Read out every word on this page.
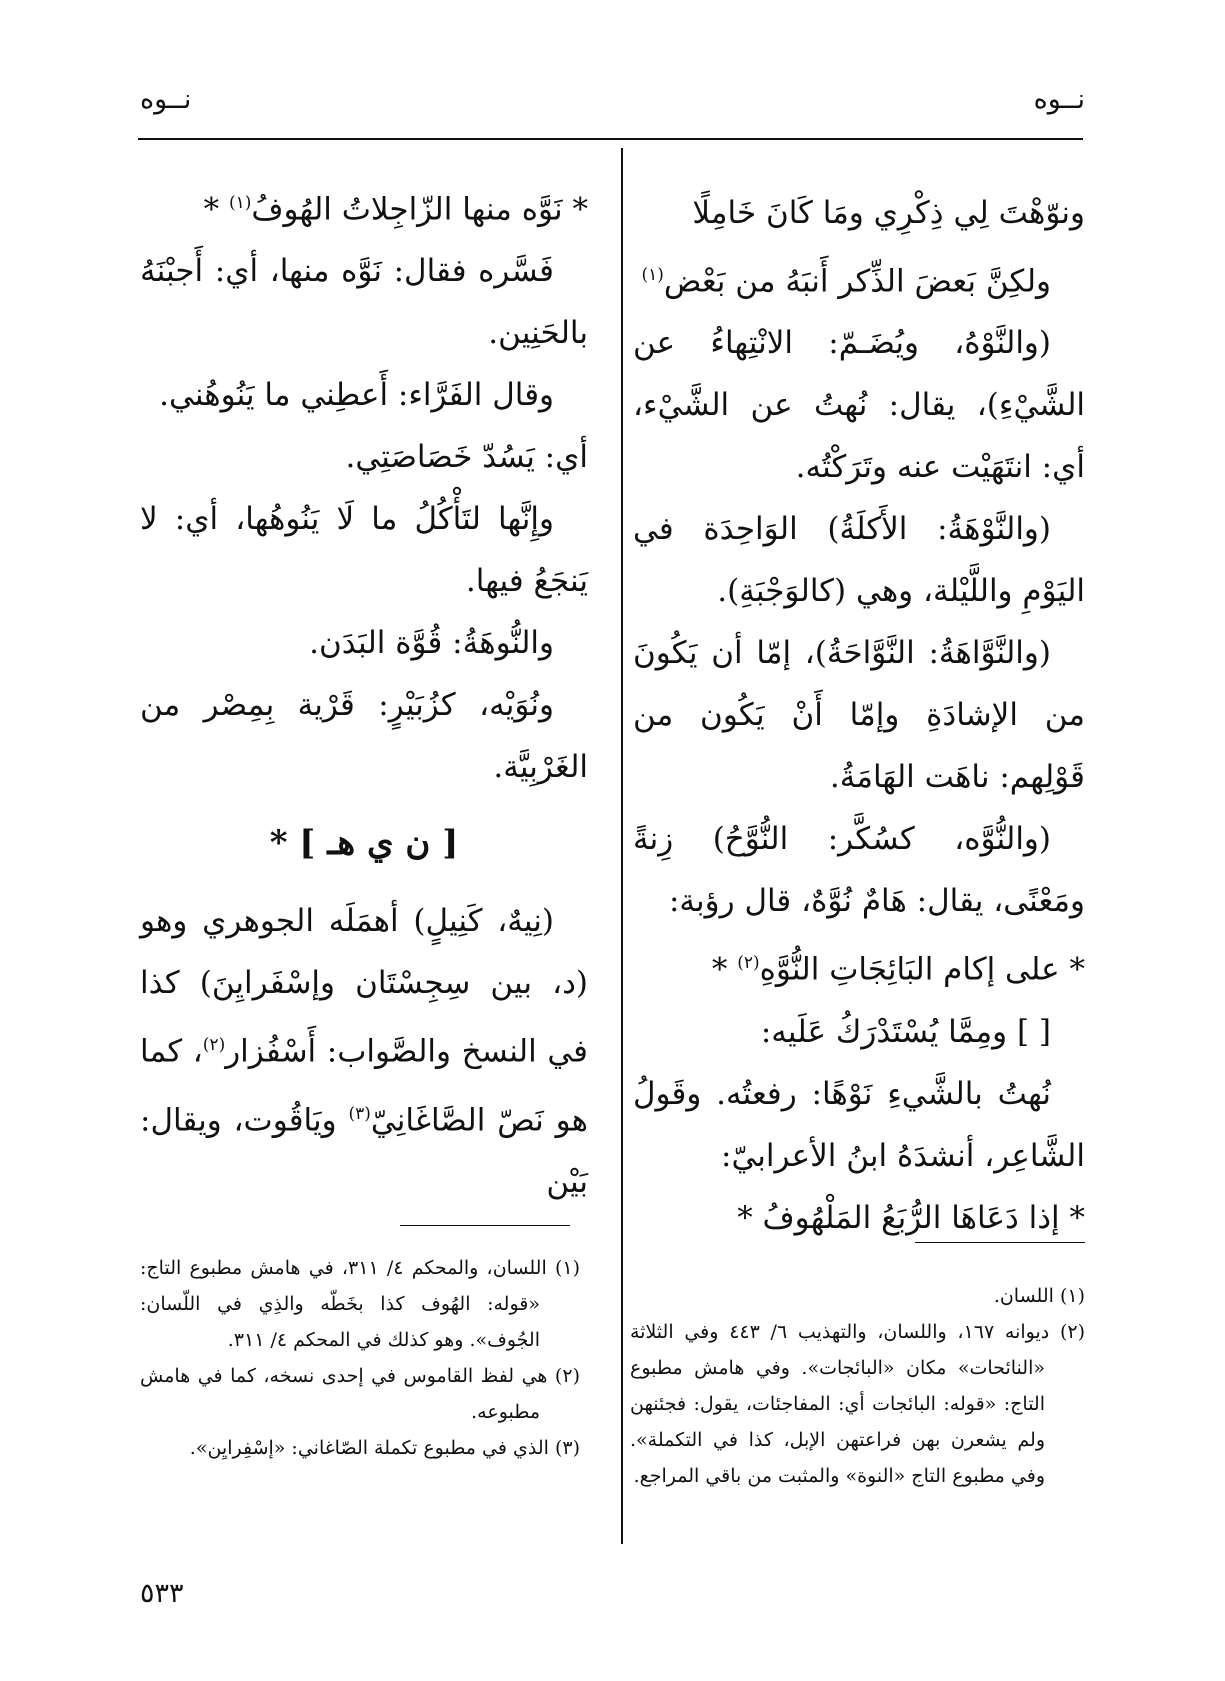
نــوه
نــوه

ونوّهْتَ لِي ذِكْرِي ومَا كَانَ خَامِلًا

ولكِنَّ بَعضَ الذِّكر أَنبَهُ من بَعْض$^{(١)}$

(والنَّوْهُ، ويُضَـمّ: الانْتِهاءُ عن الشَّيْءِ)، يقال: نُهتُ عن الشَّيْء، أي: انتَهَيْت عنه وتَرَكْتُه.

(والنَّوْهَةُ: الأَكلَةُ) الوَاحِدَة في اليَوْمِ واللَّيْلة، وهي (كالوَجْبَةِ).

(والنَّوَّاهَةُ: النَّوَّاحَةُ)، إمّا أن يَكُونَ من الإشادَةِ وإمّا أَنْ يَكُون من قَوْلِهم: ناهَت الهَامَةُ.

(والنُّوَّه، كسُكَّر: النُّوَّحُ) زِنةً ومَعْنًى، يقال: هَامٌ نُوَّهٌ، قال رؤبة:

* على إكام البَائِجَاتِ النُّوَّهِ$^{(٢)}$ *

[ ] ومِمَّا يُسْتَدْرَكُ عَلَيه:

نُهتُ بالشَّيءِ نَوْهًا: رفعتُه. وقَولُ الشَّاعِر، أنشدَهُ ابنُ الأعرابيّ:

* إذا دَعَاهَا الرُّبَعُ المَلْهُوفُ *

* نَوَّه منها الزّاجِلاتُ الهُوفُ$^{(١)}$ *

فَسَّره فقال: نَوَّه منها، أي: أَجبْنَهُ بالحَنِين.

وقال الفَرَّاء: أَعطِني ما يَنُوهُني.

أي: يَسُدّ خَصَاصَتِي.

وإِنَّها لتَأْكُلُ ما لَا يَنُوهُها، أي: لا يَنجَعُ فيها.

والنُّوهَةُ: قُوَّة البَدَن.

ونُوَيْه، كزُبَيْرٍ: قَرْية بِمِصْر من الغَرْبِيَّة.

[ ن ي هـ ] *

(نِيهٌ، كَنِيلٍ) أهمَلَه الجوهري وهو (د، بين سِجِسْتَان وإسْفَرايِنَ) كذا في النسخ والصَّواب: أَسْفُزار$^{(٢)}$، كما هو نَصّ الصَّاغَانِيّ$^{(٣)}$ ويَاقُوت، ويقال: بَيْن

(١) اللسان.

(٢) ديوانه ١٦٧، واللسان، والتهذيب ٦/ ٤٤٣ وفي الثلاثة «النائحات» مكان «البائجات». وفي هامش مطبوع التاج: «قوله: البائجات أي: المفاجئات، يقول: فجئنهن ولم يشعرن بهن فراعتهن الإبل، كذا في التكملة». وفي مطبوع التاج «النوة» والمثبت من باقي المراجع.

(١) اللسان، والمحكم ٤/ ٣١١، في هامش مطبوع التاج: «قوله: الهُوف كذا بخَطّه والذِي في اللّسان: الجُوف». وهو كذلك في المحكم ٤/ ٣١١.

(٢) هي لفظ القاموس في إحدى نسخه، كما في هامش مطبوعه.

(٣) الذي في مطبوع تكملة الصّاغاني: «إسْفِرايِن».

٥٣٣
